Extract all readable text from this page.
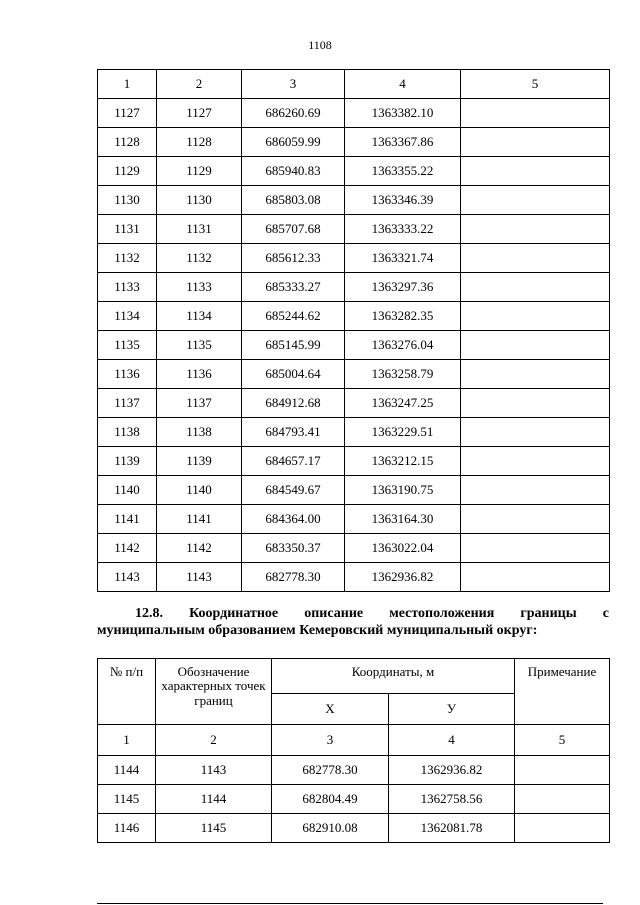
1108
1	2	3	4	5
1127	1127	686260.69	1363382.10	
1128	1128	686059.99	1363367.86	
1129	1129	685940.83	1363355.22	
1130	1130	685803.08	1363346.39	
1131	1131	685707.68	1363333.22	
1132	1132	685612.33	1363321.74	
1133	1133	685333.27	1363297.36	
1134	1134	685244.62	1363282.35	
1135	1135	685145.99	1363276.04	
1136	1136	685004.64	1363258.79	
1137	1137	684912.68	1363247.25	
1138	1138	684793.41	1363229.51	
1139	1139	684657.17	1363212.15	
1140	1140	684549.67	1363190.75	
1141	1141	684364.00	1363164.30	
1142	1142	683350.37	1363022.04	
1143	1143	682778.30	1362936.82	
12.8. Координатное описание местоположения границы с
муниципальным образованием Кемеровский муниципальный округ:
№ п/п	Обозначение характерных точек границ	Координаты, м		Примечание
		X	У	
1	2	3	4	5
1144	1143	682778.30	1362936.82	
1145	1144	682804.49	1362758.56	
1146	1145	682910.08	1362081.78	
